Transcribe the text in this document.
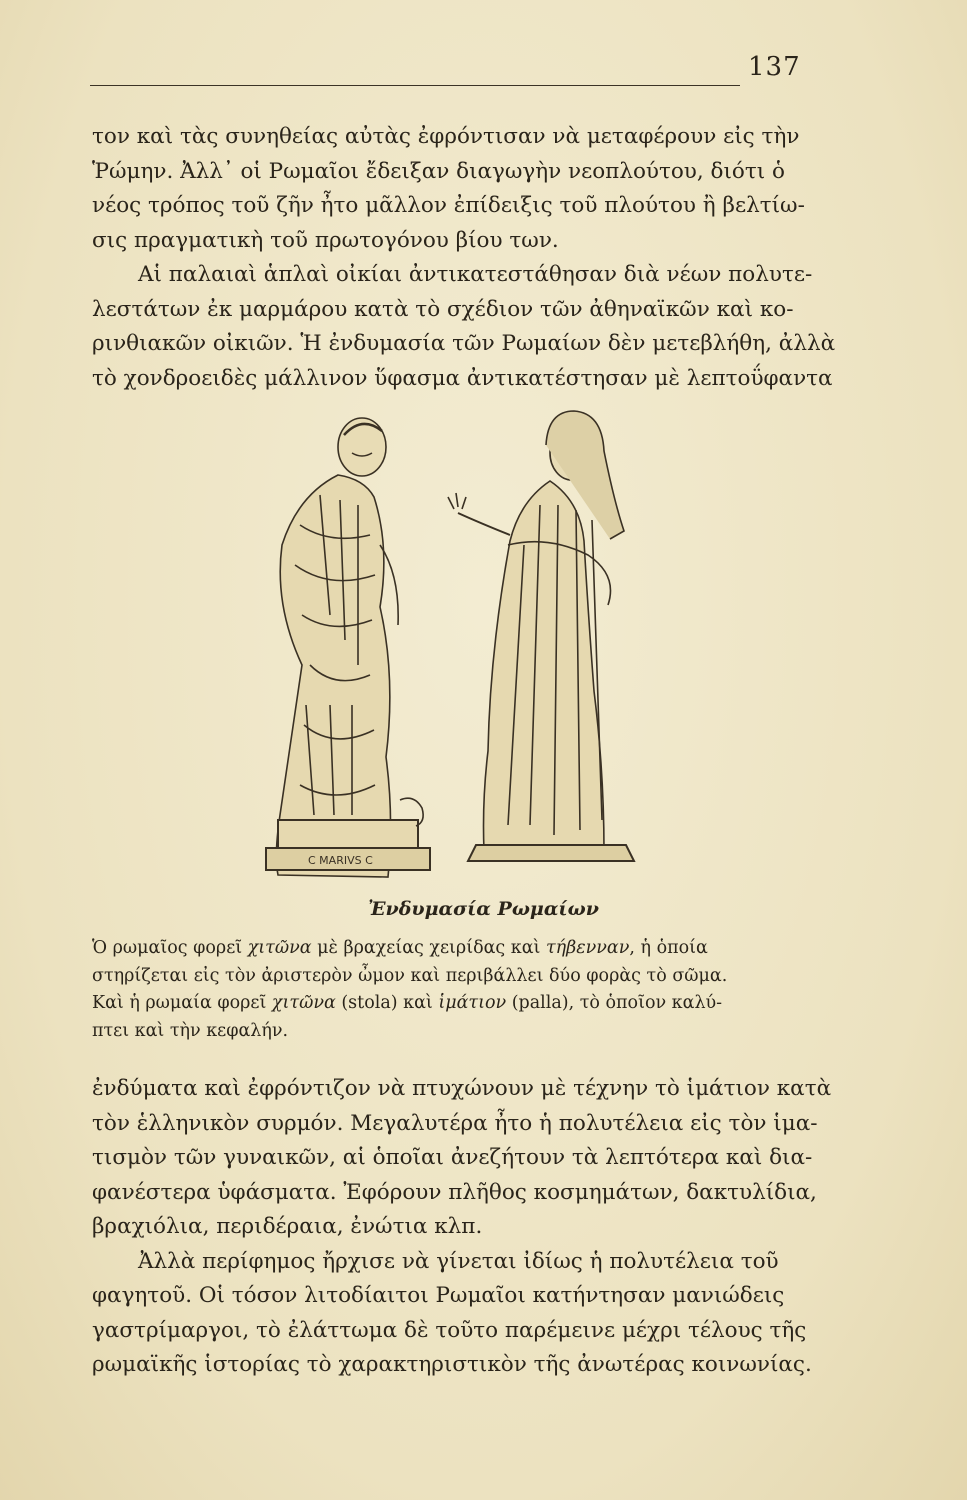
137
τον καὶ τὰς συνηθείας αὐτὰς ἐφρόντισαν νὰ μεταφέρουν εἰς τὴν
Ῥώμην. Ἀλλ᾽ οἱ Ρωμαῖοι ἔδειξαν διαγωγὴν νεοπλούτου, διότι ὁ
νέος τρόπος τοῦ ζῆν ἦτο μᾶλλον ἐπίδειξις τοῦ πλούτου ἢ βελτίω-
σις πραγματικὴ τοῦ πρωτογόνου βίου των.
Αἱ παλαιαὶ ἁπλαὶ οἰκίαι ἀντικατεστάθησαν διὰ νέων πολυτε-
λεστάτων ἐκ μαρμάρου κατὰ τὸ σχέδιον τῶν ἀθηναϊκῶν καὶ κο-
ρινθιακῶν οἰκιῶν. Ἡ ἐνδυμασία τῶν Ρωμαίων δὲν μετεβλήθη, ἀλλὰ
τὸ χονδροειδὲς μάλλινον ὕφασμα ἀντικατέστησαν μὲ λεπτοΰφαντα
C MARIVS C
Ἐνδυμασία Ρωμαίων
Ὁ ρωμαῖος φορεῖ χιτῶνα μὲ βραχείας χειρίδας καὶ τήβενναν, ἡ ὁποία
στηρίζεται εἰς τὸν ἀριστερὸν ὦμον καὶ περιβάλλει δύο φορὰς τὸ σῶμα.
Καὶ ἡ ρωμαία φορεῖ χιτῶνα (stola) καὶ ἱμάτιον (palla), τὸ ὁποῖον καλύ-
πτει καὶ τὴν κεφαλήν.
ἐνδύματα καὶ ἐφρόντιζον νὰ πτυχώνουν μὲ τέχνην τὸ ἱμάτιον κατὰ
τὸν ἑλληνικὸν συρμόν. Μεγαλυτέρα ἦτο ἡ πολυτέλεια εἰς τὸν ἱμα-
τισμὸν τῶν γυναικῶν, αἱ ὁποῖαι ἀνεζήτουν τὰ λεπτότερα καὶ δια-
φανέστερα ὑφάσματα. Ἐφόρουν πλῆθος κοσμημάτων, δακτυλίδια,
βραχιόλια, περιδέραια, ἐνώτια κλπ.
Ἀλλὰ περίφημος ἤρχισε νὰ γίνεται ἰδίως ἡ πολυτέλεια τοῦ
φαγητοῦ. Οἱ τόσον λιτοδίαιτοι Ρωμαῖοι κατήντησαν μανιώδεις
γαστρίμαργοι, τὸ ἐλάττωμα δὲ τοῦτο παρέμεινε μέχρι τέλους τῆς
ρωμαϊκῆς ἱστορίας τὸ χαρακτηριστικὸν τῆς ἀνωτέρας κοινωνίας.
